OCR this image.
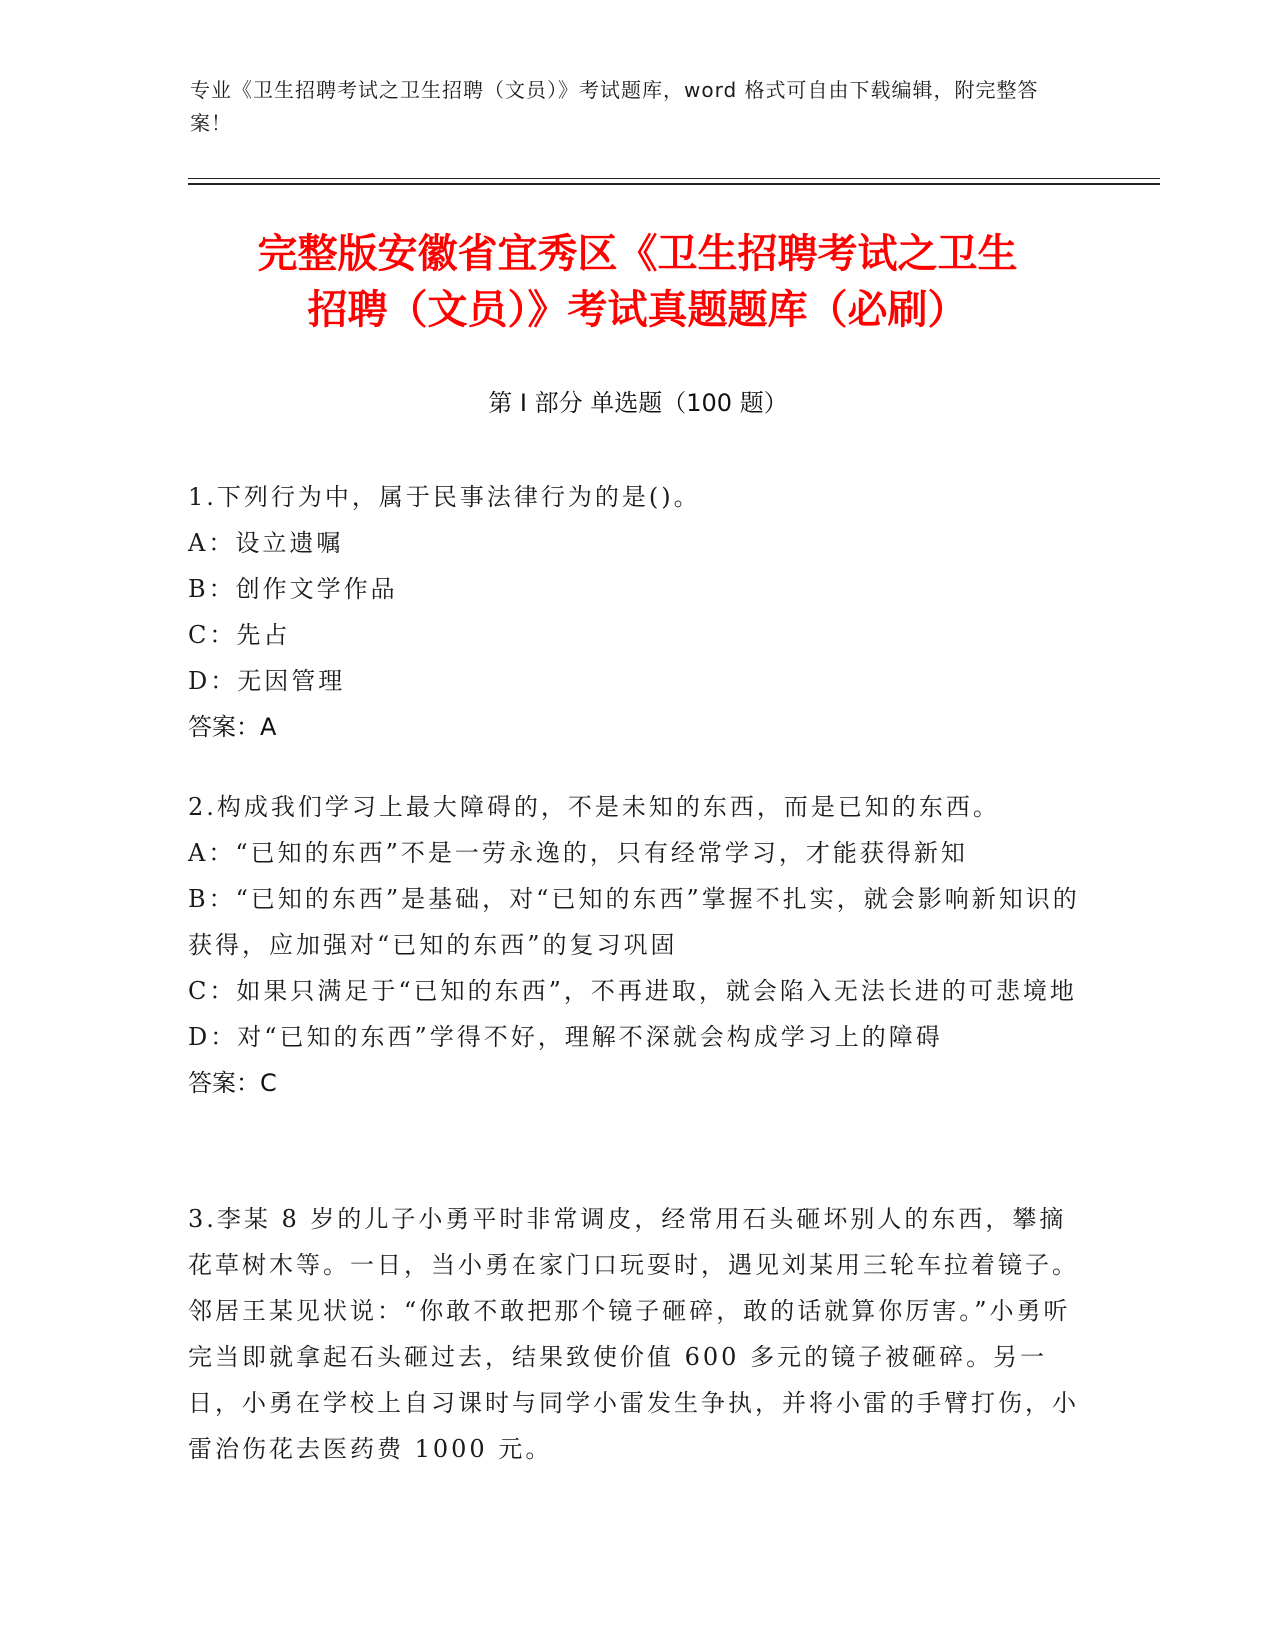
专业《卫生招聘考试之卫生招聘（文员）》考试题库，word 格式可自由下载编辑，附完整答案！
完整版安徽省宜秀区《卫生招聘考试之卫生
招聘（文员）》考试真题题库（必刷）
第 I 部分 单选题（100 题）
1.下列行为中，属于民事法律行为的是()。
A：设立遗嘱
B：创作文学作品
C：先占
D：无因管理
答案：A
2.构成我们学习上最大障碍的，不是未知的东西，而是已知的东西。
A：“已知的东西”不是一劳永逸的，只有经常学习，才能获得新知
B：“已知的东西”是基础，对“已知的东西”掌握不扎实，就会影响新知识的获得，应加强对“已知的东西”的复习巩固
C：如果只满足于“已知的东西”，不再进取，就会陷入无法长进的可悲境地
D：对“已知的东西”学得不好，理解不深就会构成学习上的障碍
答案：C
3.李某 8 岁的儿子小勇平时非常调皮，经常用石头砸坏别人的东西，攀摘花草树木等。一日，当小勇在家门口玩耍时，遇见刘某用三轮车拉着镜子。邻居王某见状说：“你敢不敢把那个镜子砸碎，敢的话就算你厉害。”小勇听完当即就拿起石头砸过去，结果致使价值 600 多元的镜子被砸碎。另一日，小勇在学校上自习课时与同学小雷发生争执，并将小雷的手臂打伤，小雷治伤花去医药费 1000 元。
